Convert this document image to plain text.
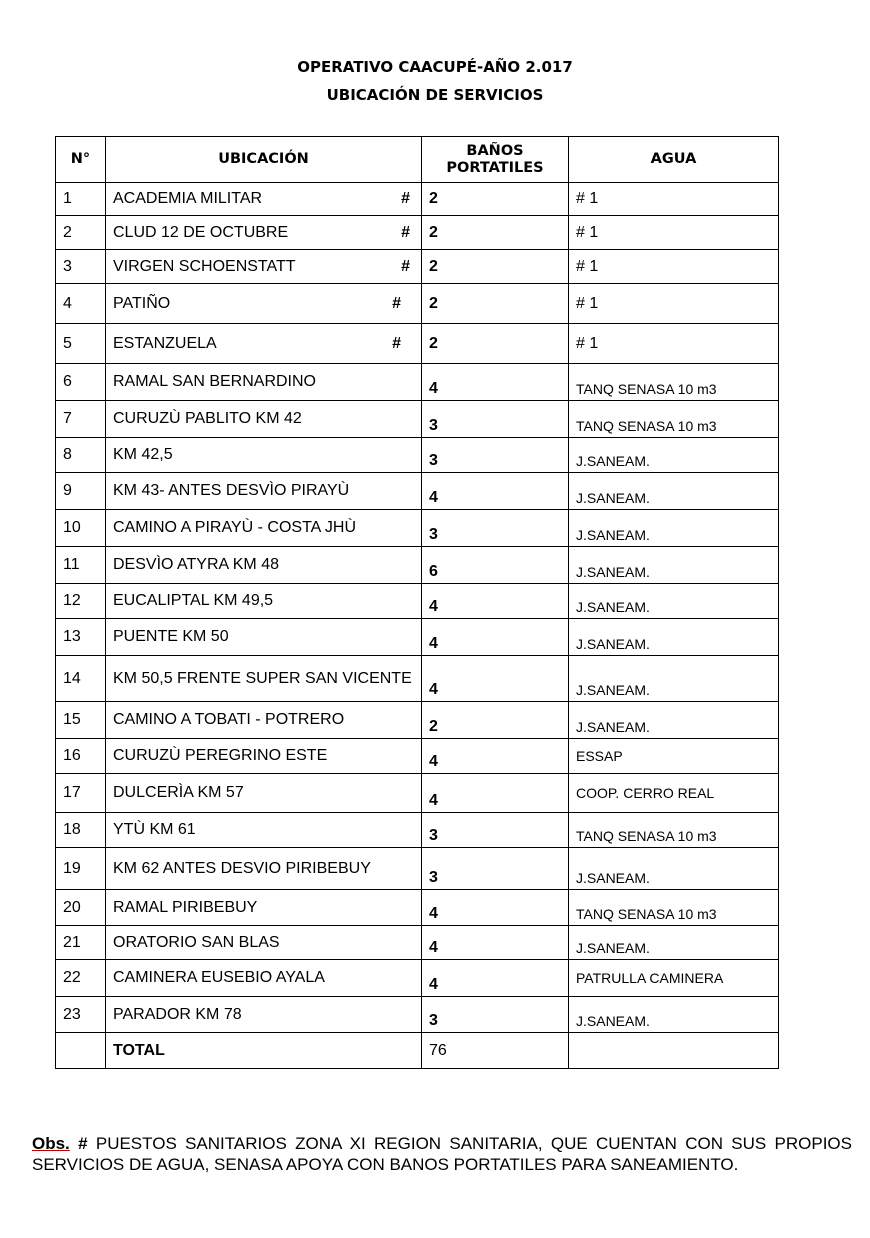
OPERATIVO CAACUPÉ-AÑO 2.017
UBICACIÓN DE SERVICIOS
N°	UBICACIÓN	BAÑOS PORTATILES	AGUA
1	ACADEMIA MILITAR #	2	# 1
2	CLUD 12 DE OCTUBRE #	2	# 1
3	VIRGEN SCHOENSTATT #	2	# 1
4	PATIÑO #	2	# 1
5	ESTANZUELA #	2	# 1
6	RAMAL SAN BERNARDINO	4	TANQ SENASA 10 m3
7	CURUZÙ PABLITO KM 42	3	TANQ SENASA 10 m3
8	KM 42,5	3	J.SANEAM.
9	KM 43- ANTES DESVÌO PIRAYÙ	4	J.SANEAM.
10	CAMINO A PIRAYÙ - COSTA JHÙ	3	J.SANEAM.
11	DESVÌO ATYRA KM 48	6	J.SANEAM.
12	EUCALIPTAL KM 49,5	4	J.SANEAM.
13	PUENTE KM 50	4	J.SANEAM.
14	KM 50,5 FRENTE SUPER SAN VICENTE	4	J.SANEAM.
15	CAMINO A TOBATI - POTRERO	2	J.SANEAM.
16	CURUZÙ PEREGRINO ESTE	4	ESSAP
17	DULCERÌA KM 57	4	COOP. CERRO REAL
18	YTÙ KM 61	3	TANQ SENASA 10 m3
19	KM 62 ANTES DESVIO PIRIBEBUY	3	J.SANEAM.
20	RAMAL PIRIBEBUY	4	TANQ SENASA 10 m3
21	ORATORIO SAN BLAS	4	J.SANEAM.
22	CAMINERA EUSEBIO AYALA	4	PATRULLA CAMINERA
23	PARADOR KM 78	3	J.SANEAM.
	TOTAL	76	
Obs. # PUESTOS SANITARIOS ZONA XI REGION SANITARIA, QUE CUENTAN CON SUS PROPIOS SERVICIOS DE AGUA, SENASA APOYA CON BANOS PORTATILES PARA SANEAMIENTO.
